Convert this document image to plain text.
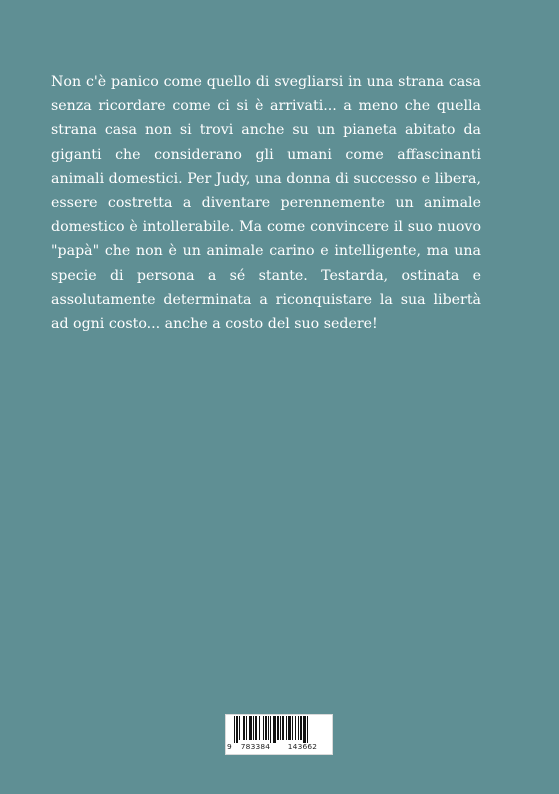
Non c'è panico come quello di svegliarsi in una strana casa senza ricordare come ci si è arrivati... a meno che quella strana casa non si trovi anche su un pianeta abitato da giganti che considerano gli umani come affascinanti animali domestici. Per Judy, una donna di successo e libera, essere costretta a diventare perennemente un animale domestico è intollerabile. Ma come convincere il suo nuovo "papà" che non è un animale carino e intelligente, ma una specie di persona a sé stante. Testarda, ostinata e assolutamente determinata a riconquistare la sua libertà ad ogni costo... anche a costo del suo sedere!

9	783384	143662
